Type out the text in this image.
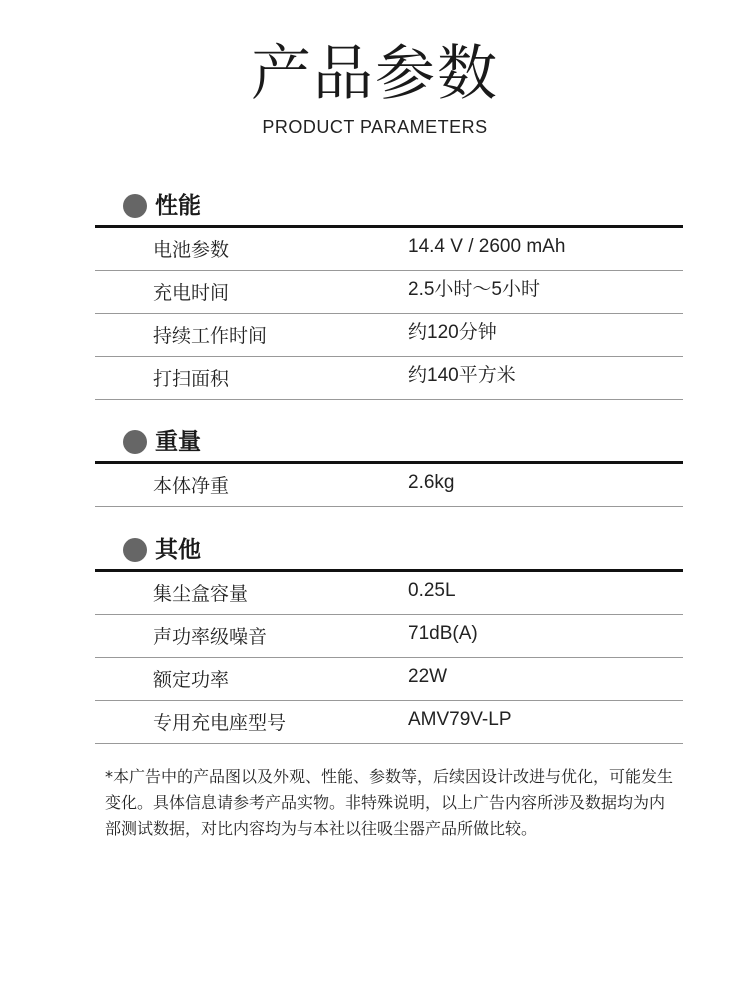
产品参数
PRODUCT PARAMETERS
性能
电池参数	14.4 V / 2600 mAh
充电时间	2.5小时～5小时
持续工作时间	约120分钟
打扫面积	约140平方米
重量
本体净重	2.6kg
其他
集尘盒容量	0.25L
声功率级噪音	71dB(A)
额定功率	22W
专用充电座型号	AMV79V-LP
*本广告中的产品图以及外观、性能、参数等，后续因设计改进与优化，可能发生变化。具体信息请参考产品实物。非特殊说明，以上广告内容所涉及数据均为内部测试数据，对比内容均为与本社以往吸尘器产品所做比较。
